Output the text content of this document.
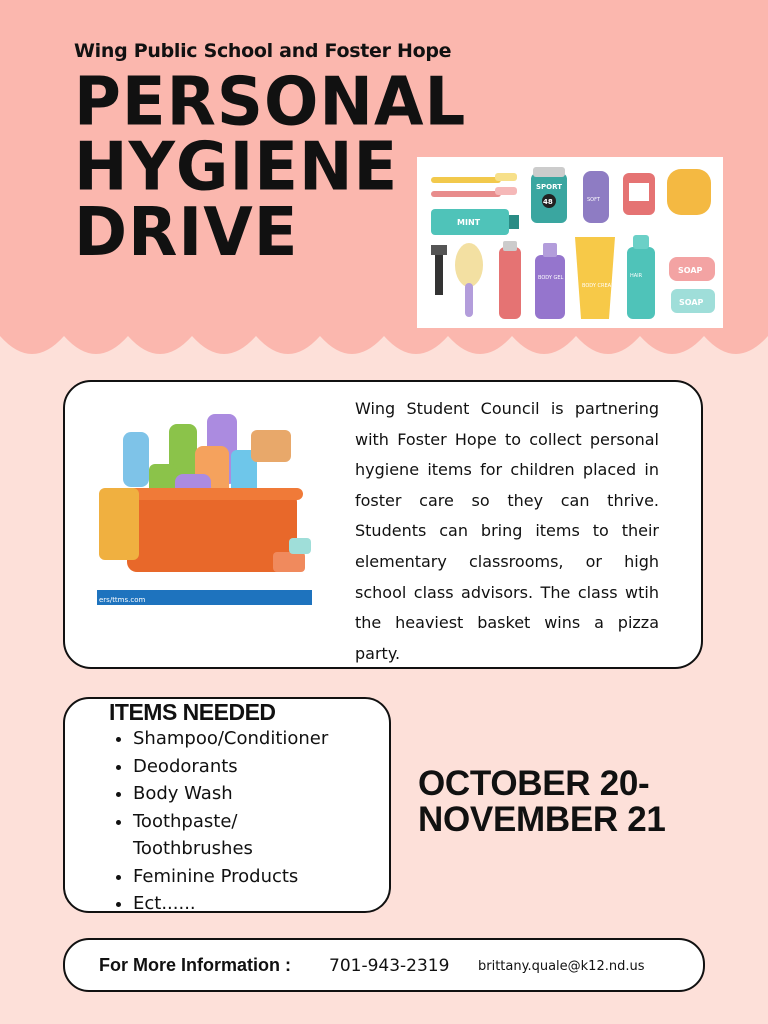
Wing Public School and Foster Hope
PERSONAL
HYGIENE
DRIVE	MINT
SPORT
48	SOFT
BODY GEL
BODY CREAM
HAIR
SOAP
SOAP
ers/ttms.com
Wing Student Council is partnering with Foster Hope to collect personal hygiene items for children placed in foster care so they can thrive. Students can bring items to their elementary classrooms, or high school class advisors. The class wtih the heaviest basket wins a pizza party.
ITEMS NEEDED
• Shampoo/Conditioner
• Deodorants
• Body Wash
• Toothpaste/ Toothbrushes
• Feminine Products
• Ect......
OCTOBER 20-
NOVEMBER 21
For More Information : 701-943-2319 brittany.quale@k12.nd.us
